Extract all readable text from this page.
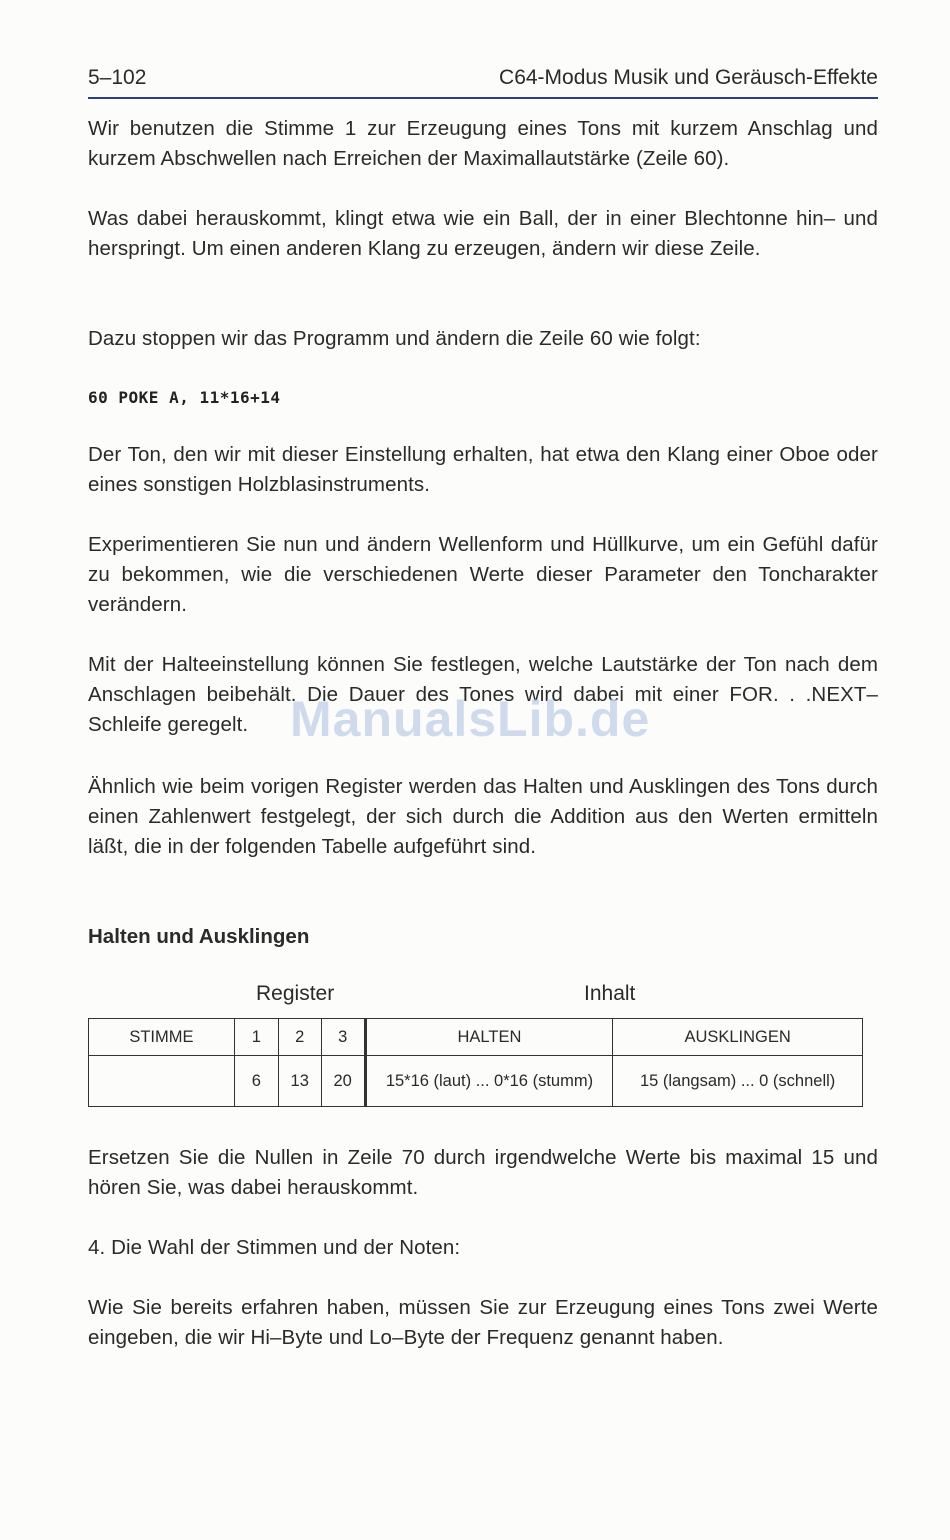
5–102	C64-Modus Musik und Geräusch-Effekte
Wir benutzen die Stimme 1 zur Erzeugung eines Tons mit kurzem Anschlag und kurzem Abschwellen nach Erreichen der Maximallautstärke (Zeile 60).
Was dabei herauskommt, klingt etwa wie ein Ball, der in einer Blechtonne hin– und herspringt. Um einen anderen Klang zu erzeugen, ändern wir diese Zeile.
Dazu stoppen wir das Programm und ändern die Zeile 60 wie folgt:
60 POKE A, 11*16+14
Der Ton, den wir mit dieser Einstellung erhalten, hat etwa den Klang einer Oboe oder eines sonstigen Holzblasinstruments.
Experimentieren Sie nun und ändern Wellenform und Hüllkurve, um ein Gefühl dafür zu bekommen, wie die verschiedenen Werte dieser Parameter den Toncharakter verändern.
Mit der Halteeinstellung können Sie festlegen, welche Lautstärke der Ton nach dem Anschlagen beibehält. Die Dauer des Tones wird dabei mit einer FOR. . .NEXT–Schleife geregelt. ManualsLib.de
Ähnlich wie beim vorigen Register werden das Halten und Ausklingen des Tons durch einen Zahlenwert festgelegt, der sich durch die Addition aus den Werten ermitteln läßt, die in der folgenden Tabelle aufgeführt sind.
Halten und Ausklingen
Register	Inhalt
STIMME	1	2	3	HALTEN	AUSKLINGEN
	6	13	20	15*16 (laut) ... 0*16 (stumm)	15 (langsam) ... 0 (schnell)
Ersetzen Sie die Nullen in Zeile 70 durch irgendwelche Werte bis maximal 15 und hören Sie, was dabei herauskommt.
4. Die Wahl der Stimmen und der Noten:
Wie Sie bereits erfahren haben, müssen Sie zur Erzeugung eines Tons zwei Werte eingeben, die wir Hi–Byte und Lo–Byte der Frequenz genannt haben.
